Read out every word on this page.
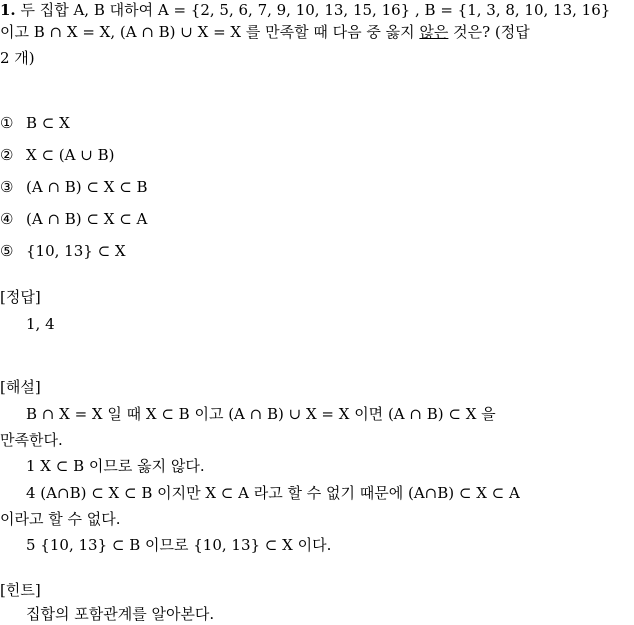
1. 두 집합 A, B 대하여 A = {2, 5, 6, 7, 9, 10, 13, 15, 16} , B = {1, 3, 8, 10, 13, 16}
이고 B ∩ X = X, (A ∩ B) ∪ X = X 를 만족할 때 다음 중 옳지 않은 것은? (정답
2 개)
① B ⊂ X
② X ⊂ (A ∪ B)
③ (A ∩ B) ⊂ X ⊂ B
④ (A ∩ B) ⊂ X ⊂ A
⑤ {10, 13} ⊂ X
[정답]
1, 4
[해설]
B ∩ X = X 일 때 X ⊂ B 이고 (A ∩ B) ∪ X = X 이면 (A ∩ B) ⊂ X 을
만족한다.
1 X ⊂ B 이므로 옳지 않다.
4 (A∩B) ⊂ X ⊂ B 이지만 X ⊂ A 라고 할 수 없기 때문에 (A∩B) ⊂ X ⊂ A
이라고 할 수 없다.
5 {10, 13} ⊂ B 이므로 {10, 13} ⊂ X 이다.
[힌트]
집합의 포함관계를 알아본다.
